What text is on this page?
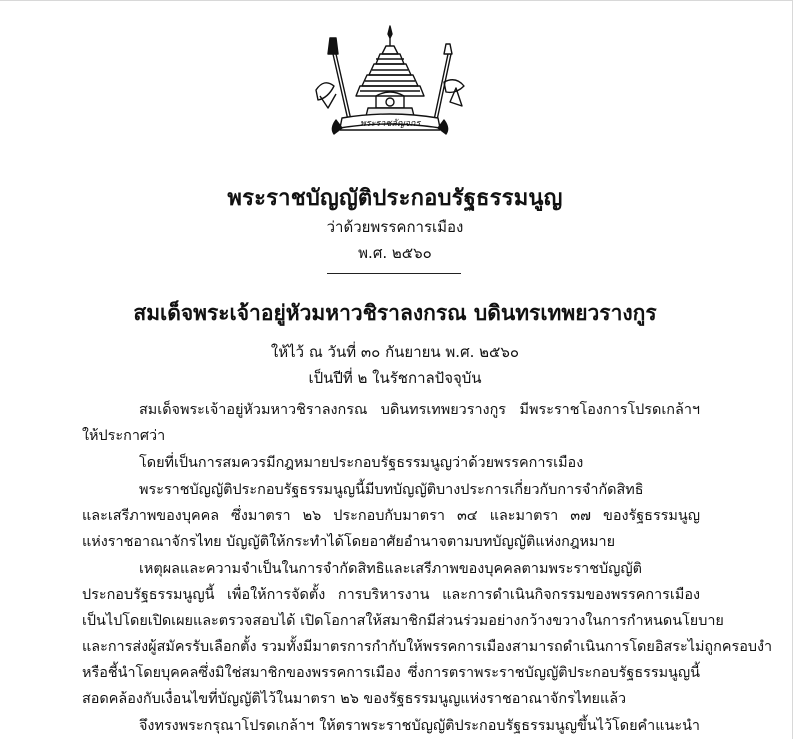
พระราชลัญจกร
พระราชบัญญัติประกอบรัฐธรรมนูญ
ว่าด้วยพรรคการเมือง
พ.ศ. ๒๕๖๐
สมเด็จพระเจ้าอยู่หัวมหาวชิราลงกรณ บดินทรเทพยวรางกูร
ให้ไว้ ณ วันที่ ๓๐ กันยายน พ.ศ. ๒๕๖๐
เป็นปีที่ ๒ ในรัชกาลปัจจุบัน
สมเด็จพระเจ้าอยู่หัวมหาวชิราลงกรณ บดินทรเทพยวรางกูร มีพระราชโองการโปรดเกล้าฯ
ให้ประกาศว่า
โดยที่เป็นการสมควรมีกฎหมายประกอบรัฐธรรมนูญว่าด้วยพรรคการเมือง
พระราชบัญญัติประกอบรัฐธรรมนูญนี้มีบทบัญญัติบางประการเกี่ยวกับการจำกัดสิทธิ
และเสรีภาพของบุคคล ซึ่งมาตรา ๒๖ ประกอบกับมาตรา ๓๔ และมาตรา ๓๗ ของรัฐธรรมนูญ
แห่งราชอาณาจักรไทย บัญญัติให้กระทำได้โดยอาศัยอำนาจตามบทบัญญัติแห่งกฎหมาย
เหตุผลและความจำเป็นในการจำกัดสิทธิและเสรีภาพของบุคคลตามพระราชบัญญัติ
ประกอบรัฐธรรมนูญนี้ เพื่อให้การจัดตั้ง การบริหารงาน และการดำเนินกิจกรรมของพรรคการเมือง
เป็นไปโดยเปิดเผยและตรวจสอบได้ เปิดโอกาสให้สมาชิกมีส่วนร่วมอย่างกว้างขวางในการกำหนดนโยบาย
และการส่งผู้สมัครรับเลือกตั้ง รวมทั้งมีมาตรการกำกับให้พรรคการเมืองสามารถดำเนินการโดยอิสระไม่ถูกครอบงำ
หรือชี้นำโดยบุคคลซึ่งมิใช่สมาชิกของพรรคการเมือง ซึ่งการตราพระราชบัญญัติประกอบรัฐธรรมนูญนี้
สอดคล้องกับเงื่อนไขที่บัญญัติไว้ในมาตรา ๒๖ ของรัฐธรรมนูญแห่งราชอาณาจักรไทยแล้ว
จึงทรงพระกรุณาโปรดเกล้าฯ ให้ตราพระราชบัญญัติประกอบรัฐธรรมนูญขึ้นไว้โดยคำแนะนำ
